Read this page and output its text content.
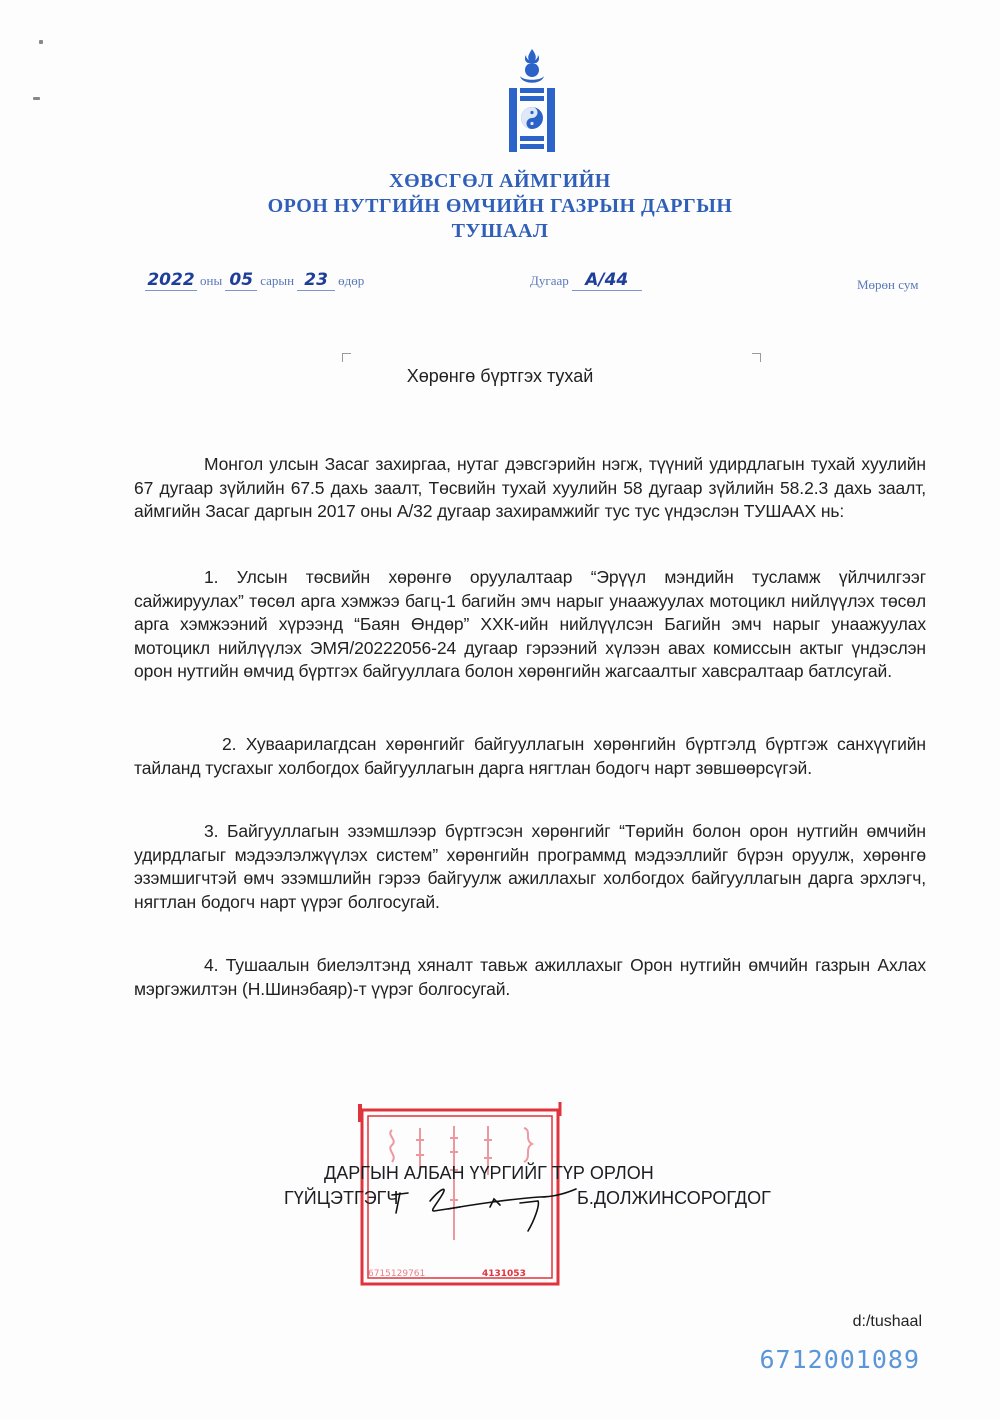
ХӨВСГӨЛ АЙМГИЙН
ОРОН НУТГИЙН ӨМЧИЙН ГАЗРЫН ДАРГЫН
ТУШААЛ
2022 оны 05 сарын 23 өдөр	Дугаар А/44	Мөрөн сум
Хөрөнгө бүртгэх тухай
Монгол улсын Засаг захиргаа, нутаг дэвсгэрийн нэгж, түүний удирдлагын тухай хуулийн 67 дугаар зүйлийн 67.5 дахь заалт, Төсвийн тухай хуулийн 58 дугаар зүйлийн 58.2.3 дахь заалт, аймгийн Засаг даргын 2017 оны А/32 дугаар захирамжийг тус тус үндэслэн ТУШААХ нь:
1. Улсын төсвийн хөрөнгө оруулалтаар “Эрүүл мэндийн тусламж үйлчилгээг сайжируулах” төсөл арга хэмжээ багц-1 багийн эмч нарыг унаажуулах мотоцикл нийлүүлэх төсөл арга хэмжээний хүрээнд “Баян Өндөр” ХХК-ийн нийлүүлсэн Багийн эмч нарыг унаажуулах мотоцикл нийлүүлэх ЭМЯ/20222056-24 дугаар гэрээний хүлээн авах комиссын актыг үндэслэн орон нутгийн өмчид бүртгэх байгууллага болон хөрөнгийн жагсаалтыг хавсралтаар батлсугай.
2. Хуваарилагдсан хөрөнгийг байгууллагын хөрөнгийн бүртгэлд бүртгэж санхүүгийн тайланд тусгахыг холбогдох байгууллагын дарга нягтлан бодогч нарт зөвшөөрсүгэй.
3. Байгууллагын эзэмшлээр бүртгэсэн хөрөнгийг “Төрийн болон орон нутгийн өмчийн удирдлагыг мэдээлэлжүүлэх систем” хөрөнгийн программд мэдээллийг бүрэн оруулж, хөрөнгө эзэмшигчтэй өмч эзэмшлийн гэрээ байгуулж ажиллахыг холбогдох байгууллагын дарга эрхлэгч, нягтлан бодогч нарт үүрэг болгосугай.
4. Тушаалын биелэлтэнд хяналт тавьж ажиллахыг Орон нутгийн өмчийн газрын Ахлах мэргэжилтэн (Н.Шинэбаяр)-т үүрэг болгосугай.
6715129761	4131053
ДАРГЫН АЛБАН ҮҮРГИЙГ ТҮР ОРЛОН
ГҮЙЦЭТГЭГЧ	Б.ДОЛЖИНСОРОГДОГ
d:/tushaal
6712001089
